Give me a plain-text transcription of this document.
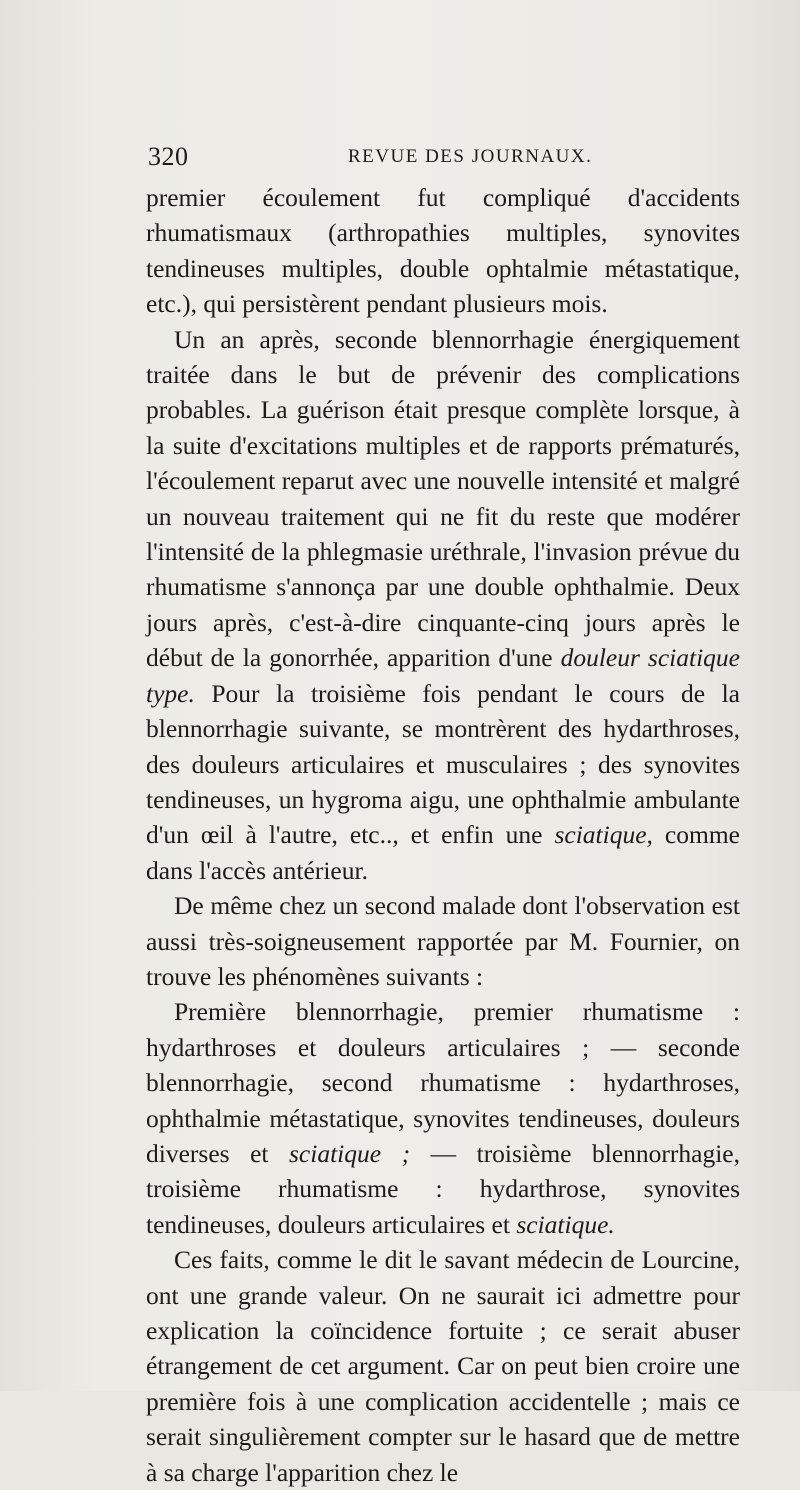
320	REVUE DES JOURNAUX.

premier écoulement fut compliqué d'accidents rhumatismaux (arthropathies multiples, synovites tendineuses multiples, double ophtalmie métastatique, etc.), qui persistèrent pendant plusieurs mois.

Un an après, seconde blennorrhagie énergiquement traitée dans le but de prévenir des complications probables. La guérison était presque complète lorsque, à la suite d'excitations multiples et de rapports prématurés, l'écoulement reparut avec une nouvelle intensité et malgré un nouveau traitement qui ne fit du reste que modérer l'intensité de la phlegmasie uréthrale, l'invasion prévue du rhumatisme s'annonça par une double ophthalmie. Deux jours après, c'est-à-dire cinquante-cinq jours après le début de la gonorrhée, apparition d'une douleur sciatique type. Pour la troisième fois pendant le cours de la blennorrhagie suivante, se montrèrent des hydarthroses, des douleurs articulaires et musculaires ; des synovites tendineuses, un hygroma aigu, une ophthalmie ambulante d'un œil à l'autre, etc.., et enfin une sciatique, comme dans l'accès antérieur.

De même chez un second malade dont l'observation est aussi très-soigneusement rapportée par M. Fournier, on trouve les phénomènes suivants :

Première blennorrhagie, premier rhumatisme : hydarthroses et douleurs articulaires ; — seconde blennorrhagie, second rhumatisme : hydarthroses, ophthalmie métastatique, synovites tendineuses, douleurs diverses et sciatique ; — troisième blennorrhagie, troisième rhumatisme : hydarthrose, synovites tendineuses, douleurs articulaires et sciatique.

Ces faits, comme le dit le savant médecin de Lourcine, ont une grande valeur. On ne saurait ici admettre pour explication la coïncidence fortuite ; ce serait abuser étrangement de cet argument. Car on peut bien croire une première fois à une complication accidentelle ; mais ce serait singulièrement compter sur le hasard que de mettre à sa charge l'apparition chez le
